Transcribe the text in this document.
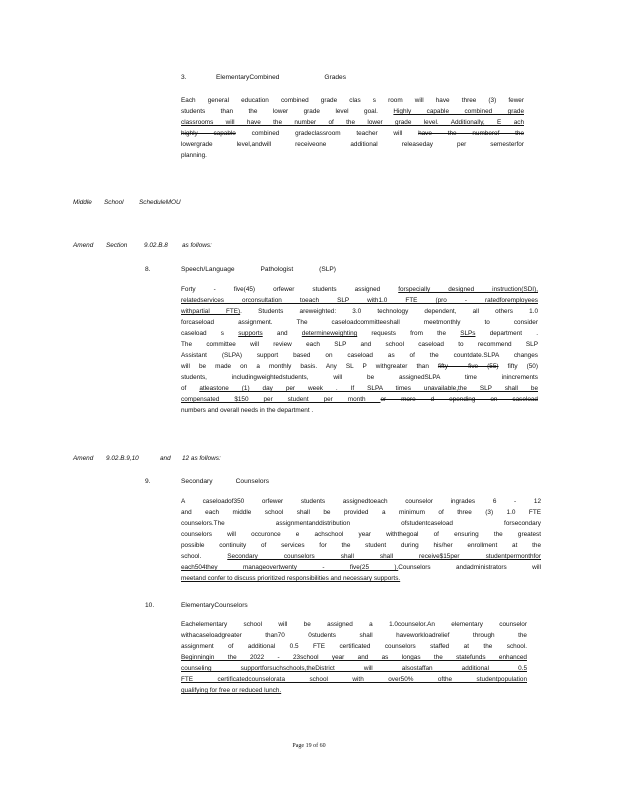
3.	ElementaryCombined Grades

Each general education combined grade clas s room will have three (3) fewer

students than the lower grade level goal. Highly capable combined grade

classrooms will have the number of the lower grade level. Additionally, E ach

highly capable combined gradeclassroom teacher will have the numberof the

lowergrade level,andwill receiveone additional releaseday per semesterfor

planning.

Middle School ScheduleMOU
Amend Section	9.02.B.8 as follows:
8.	Speech/Language Pathologist (SLP)

Forty - five(45) orfewer students assigned forspecially designed instruction(SDI),

relatedservices orconsultation toeach SLP with1.0 FTE (pro - ratedforemployees

withpartial FTE). Students areweighted: 3.0 technology dependent, all others 1.0

forcaseload assignment. The caseloadcommitteeshall meetmonthly to consider

caseload s supports and determineweighting requests from the SLPs department .

The committee will review each SLP and school caseload to recommend SLP

Assistant (SLPA) support based on caseload as of the countdate.SLPA changes

will be made on a monthly basis. Any SL P withgreater than fifty - five (55) fifty (50)

students, includingweightedstudents, will be assignedSLPA time inincrements

of atleastone (1) day per week . If SLPA times unavailable,the SLP shall be

compensated $150 per student per month or more d epending on caseload

numbers and overall needs in the department .

Amend 9.02.B.9,10	and 12 as follows:
9.	Secondary Counselors

A caseloadof350 orfewer students assignedtoeach counselor ingrades 6 - 12

and each middle school shall be provided a minimum of three (3) 1.0 FTE

counselors.The assignmentanddistribution ofstudentcaseload forsecondary

counselors will occuronce e achschool year withthegoal of ensuring the greatest

possible continuity of services for the student during his/her enrollment at the

school. Secondary counselors shall shall receive$15per studentpermonthfor

each504they manageovertwenty - five(25 ).Counselors andadministrators will

meetand confer to discuss prioritized responsibilities and necessary supports.

10.	ElementaryCounselors

Eachelementary school will be assigned a 1.0counselor.An elementary counselor

withacaseloadgreater than70 0students shall haveworkloadrelief through the

assignment of additional 0.5 FTE certificated counselors staffed at the school.

Beginningin the 2022 - 23school year and as longas the statefunds enhanced

counseling supportforsuchschools,theDistrict will alsostaffan additional 0.5

FTE certificatedcounselorata school with over50% ofthe studentpopulation

qualifying for free or reduced lunch.

Page 19 of 60
